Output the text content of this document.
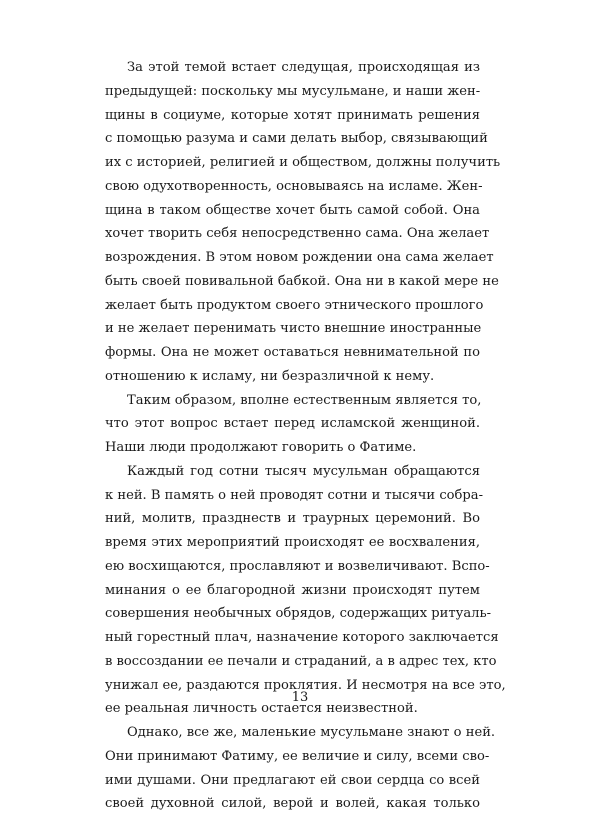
За этой темой встает следущая, происходящая из
предыдущей: поскольку мы мусульмане, и наши жен-
щины в социуме, которые хотят принимать решения
с помощью разума и сами делать выбор, связывающий
их с историей, религией и обществом, должны получить
свою одухотворенность, основываясь на исламе. Жен-
щина в таком обществе хочет быть самой собой. Она
хочет творить себя непосредственно сама. Она желает
возрождения. В этом новом рождении она сама желает
быть своей повивальной бабкой. Она ни в какой мере не
желает быть продуктом своего этнического прошлого
и не желает перенимать чисто внешние иностранные
формы. Она не может оставаться невнимательной по
отношению к исламу, ни безразличной к нему.
Таким образом, вполне естественным является то,
что этот вопрос встает перед исламской женщиной.
Наши люди продолжают говорить о Фатиме.
Каждый год сотни тысяч мусульман обращаются
к ней. В память о ней проводят сотни и тысячи собра-
ний, молитв, празднеств и траурных церемоний. Во
время этих мероприятий происходят ее восхваления,
ею восхищаются, прославляют и возвеличивают. Вспо-
минания о ее благородной жизни происходят путем
совершения необычных обрядов, содержащих ритуаль-
ный горестный плач, назначение которого заключается
в воссоздании ее печали и страданий, а в адрес тех, кто
унижал ее, раздаются проклятия. И несмотря на все это,
ее реальная личность остается неизвестной.
Однако, все же, маленькие мусульмане знают о ней.
Они принимают Фатиму, ее величие и силу, всеми сво-
ими душами. Они предлагают ей свои сердца со всей
своей духовной силой, верой и волей, какая только
13
